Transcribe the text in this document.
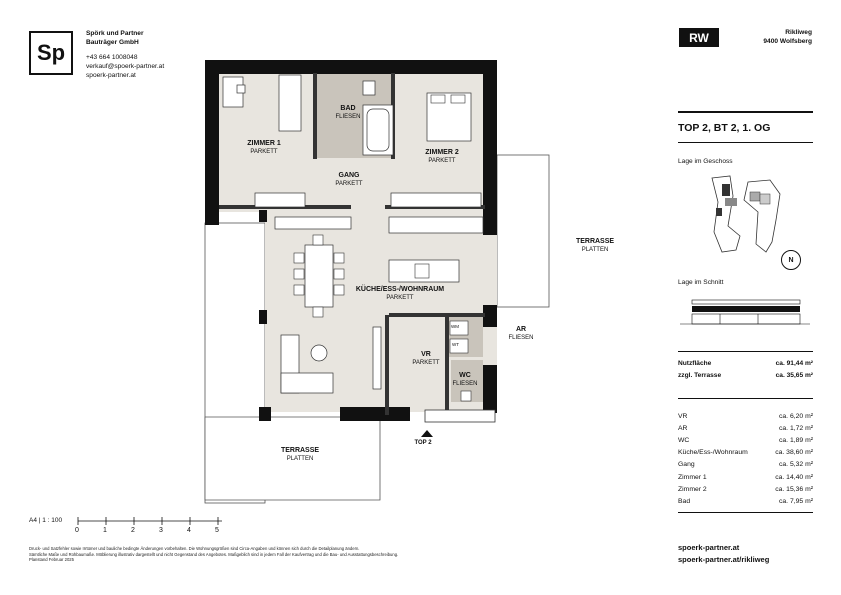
Sp
Spörk und Partner
Bauträger GmbH
+43 664 1008048
verkauf@spoerk-partner.at
spoerk-partner.at
RW	Rikliweg
9400 Wolfsberg
TOP 2, BT 2, 1. OG
Lage im Geschoss
N
Lage im Schnitt
Nutzfläche	ca. 91,44 m²
zzgl. Terrasse	ca. 35,65 m²
VR	ca. 6,20 m²
AR	ca. 1,72 m²
WC	ca. 1,89 m²
Küche/Ess-/Wohnraum	ca. 38,60 m²
Gang	ca. 5,32 m²
Zimmer 1	ca. 14,40 m²
Zimmer 2	ca. 15,36 m²
Bad	ca. 7,95 m²
spoerk-partner.at
spoerk-partner.at/rikliweg
BAD
FLIESEN
ZIMMER 1
PARKETT	ZIMMER 2
PARKETT
GANG
PARKETT
KÜCHE/ESS-/WOHNRAUM
PARKETT
VR
PARKETT
WC
FLIESEN
AR
FLIESEN
TERRASSE
PLATTEN
TERRASSE
PLATTEN
WM
WT
TOP 2
A4 | 1 : 100
0	1	2	3	4	5
Druck- und Satzfehler sowie Irrtümer und bauliche bedingte Änderungen vorbehalten. Die Wohnungsgrößen sind Circa-Angaben und können sich durch die Detailplanung ändern.
Sämtliche Maße und Rohbaumaße. Möblierung illustrativ dargestellt und nicht Gegenstand des Angebotes. Maßgeblich sind in jedem Fall der Kaufvertrag und die Bau- und Ausstattungsbeschreibung.
Planstand Februar 2025
